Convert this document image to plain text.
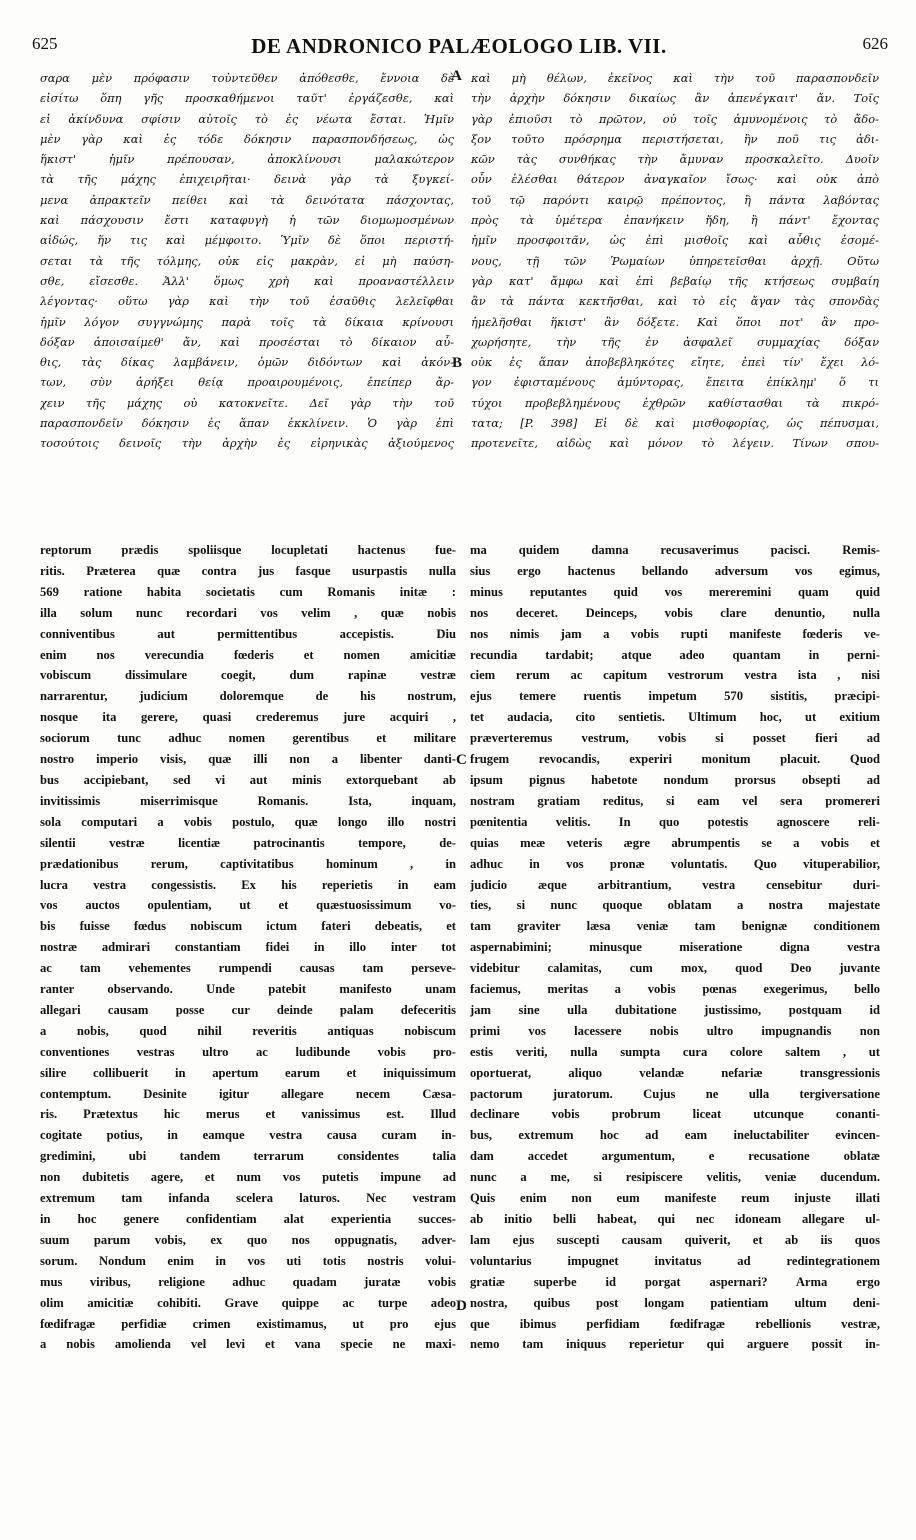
625	DE ANDRONICO PALÆOLOGO LIB. VII.	626
σαρα μὲν πρόφασιν τοὐντεῦθεν ἀπόθεσθε, ἔννοια δὲ
εἰσίτω ὅπη γῆς προσκαθήμενοι ταῦτ' ἐργάζεσθε, καὶ
εἰ ἀκίνδυνα σφίσιν αὐτοῖς τὸ ἐς νέωτα ἔσται. Ἡμῖν
μὲν γὰρ καὶ ἐς τόδε δόκησιν παρασπονδήσεως, ὡς
ἥκιστ' ἡμῖν πρέπουσαν, ἀποκλίνουσι μαλακώτερον
τὰ τῆς μάχης ἐπιχειρῆται· δεινὰ γὰρ τὰ ξυγκεί-
μενα ἀπρακτεῖν πείθει καὶ τὰ δεινότατα πάσχοντας,
καὶ πάσχουσιν ἔστι καταφυγὴ ἡ τῶν διομωμοσμένων
αἰδώς, ἥν τις καὶ μέμφοιτο. Ὑμῖν δὲ ὅποι περιστή-
σεται τὰ τῆς τόλμης, οὐκ εἰς μακρὰν, εἰ μὴ παύση-
σθε, εἴσεσθε. Ἀλλ' ὅμως χρὴ καὶ προαναστέλλειν
λέγοντας· οὕτω γὰρ καὶ τὴν τοῦ ἐσαῦθις λελεῖφθαι
ἡμῖν λόγον συγγνώμης παρὰ τοῖς τὰ δίκαια κρίνουσι
δόξαν ἀποισαίμεθ' ἄν, καὶ προσέσται τὸ δίκαιον αὖ-
θις, τὰς δίκας λαμβάνειν, ὁμῶν διδόντων καὶ ἀκόν-
των, σὺν ἀρήξει θείᾳ προαιρουμένοις, ἐπείπερ ἄρ-
χειν τῆς μάχης οὐ κατοκνεῖτε. Δεῖ γὰρ τὴν τοῦ
παρασπονδεῖν δόκησιν ἐς ἅπαν ἐκκλίνειν. Ὁ γὰρ ἐπὶ
τοσούτοις δεινοῖς τὴν ἀρχὴν ἐς εἰρηνικὰς ἀξιούμενος
καὶ μὴ θέλων, ἐκεῖνος καὶ τὴν τοῦ παρασπονδεῖν
τὴν ἀρχὴν δόκησιν δικαίως ἂν ἀπενέγκαιτ' ἄν. Τοῖς
γὰρ ἐπιοῦσι τὸ πρῶτον, οὐ τοῖς ἀμυνομένοις τὸ ἄδο-
ξον τοῦτο πρόσρημα περιστήσεται, ἣν ποῦ τις ἀδι-
κῶν τὰς συνθήκας τὴν ἄμυναν προσκαλεῖτο. Δυοῖν
οὖν ἑλέσθαι θάτερον ἀναγκαῖον ἴσως· καὶ οὐκ ἀπὸ
τοῦ τῷ παρόντι καιρῷ πρέποντος, ἢ πάντα λαβόντας
πρὸς τὰ ὑμέτερα ἐπανήκειν ἤδη, ἢ πάντ' ἔχοντας
ἡμῖν προσφοιτᾶν, ὡς ἐπὶ μισθοῖς καὶ αὖθις ἐσομέ-
νους, τῇ τῶν Ῥωμαίων ὑπηρετεῖσθαι ἀρχῇ. Οὕτω
γὰρ κατ' ἄμφω καὶ ἐπὶ βεβαίῳ τῆς κτήσεως συμβαίη
ἂν τὰ πάντα κεκτῆσθαι, καὶ τὸ εἰς ἄγαν τὰς σπονδὰς
ἠμελῆσθαι ἥκιστ' ἂν δόξετε. Καὶ ὅποι ποτ' ἂν προ-
χωρήσητε, τὴν τῆς ἐν ἀσφαλεῖ συμμαχίας δόξαν
οὐκ ἐς ἅπαν ἀποβεβληκότες εἴητε, ἐπεὶ τίν' ἔχει λό-
γον ἐφισταμένους ἀμύντορας, ἔπειτα ἐπίκλημ' ὅ τι
τύχοι προβεβλημένους ἐχθρῶν καθίστασθαι τὰ πικρό-
τατα; [P. 398] Εἰ δὲ καὶ μισθοφορίας, ὡς πέπυσμαι,
προτενεῖτε, αἰδὼς καὶ μόνον τὸ λέγειν. Τίνων σπου-
reptorum prædis spoliisque locupletati hactenus fue-
ritis. Præterea quæ contra jus fasque usurpastis nulla
569 ratione habita societatis cum Romanis initæ :
illa solum nunc recordari vos velim , quæ nobis
conniventibus aut permittentibus accepistis. Diu
enim nos verecundia fœderis et nomen amicitiæ
vobiscum dissimulare coegit, dum rapinæ vestræ
narrarentur, judicium doloremque de his nostrum,
nosque ita gerere, quasi crederemus jure acquiri ,
sociorum tunc adhuc nomen gerentibus et militare
nostro imperio visis, quæ illi non a libenter danti-
bus accipiebant, sed vi aut minis extorquebant ab
invitissimis miserrimisque Romanis. Ista, inquam,
sola computari a vobis postulo, quæ longo illo nostri
silentii vestræ licentiæ patrocinantis tempore, de-
prædationibus rerum, captivitatibus hominum , in
lucra vestra congessistis. Ex his reperietis in eam
vos auctos opulentiam, ut et quæstuosissimum vo-
bis fuisse fœdus nobiscum ictum fateri debeatis, et
nostræ admirari constantiam fidei in illo inter tot
ac tam vehementes rumpendi causas tam perseve-
ranter observando. Unde patebit manifesto unam
allegari causam posse cur deinde palam defeceritis
a nobis, quod nihil reveritis antiquas nobiscum
conventiones vestras ultro ac ludibunde vobis pro-
silire collibuerit in apertum earum et iniquissimum
contemptum. Desinite igitur allegare necem Cæsa-
ris. Prætextus hic merus et vanissimus est. Illud
cogitate potius, in eamque vestra causa curam in-
gredimini, ubi tandem terrarum considentes talia
non dubitetis agere, et num vos putetis impune ad
extremum tam infanda scelera laturos. Nec vestram
in hoc genere confidentiam alat experientia succes-
suum parum vobis, ex quo nos oppugnatis, adver-
sorum. Nondum enim in vos uti totis nostris volui-
mus viribus, religione adhuc quadam juratæ vobis
olim amicitiæ cohibiti. Grave quippe ac turpe adeo
fœdifragæ perfidiæ crimen existimamus, ut pro ejus
a nobis amolienda vel levi et vana specie ne maxi-
ma quidem damna recusaverimus pacisci. Remis-
sius ergo hactenus bellando adversum vos egimus,
minus reputantes quid vos mereremini quam quid
nos deceret. Deinceps, vobis clare denuntio, nulla
nos nimis jam a vobis rupti manifeste fœderis ve-
recundia tardabit; atque adeo quantam in perni-
ciem rerum ac capitum vestrorum vestra ista , nisi
ejus temere ruentis impetum 570 sistitis, præcipi-
tet audacia, cito sentietis. Ultimum hoc, ut exitium
præverteremus vestrum, vobis si posset fieri ad
frugem revocandis, experiri monitum placuit. Quod
ipsum pignus habetote nondum prorsus obsepti ad
nostram gratiam reditus, si eam vel sera promereri
pœnitentia velitis. In quo potestis agnoscere reli-
quias meæ veteris ægre abrumpentis se a vobis et
adhuc in vos pronæ voluntatis. Quo vituperabilior,
judicio æque arbitrantium, vestra censebitur duri-
ties, si nunc quoque oblatam a nostra majestate
tam graviter læsa veniæ tam benignæ conditionem
aspernabimini; minusque miseratione digna vestra
videbitur calamitas, cum mox, quod Deo juvante
faciemus, meritas a vobis pœnas exegerimus, bello
jam sine ulla dubitatione justissimo, postquam id
primi vos lacessere nobis ultro impugnandis non
estis veriti, nulla sumpta cura colore saltem , ut
oportuerat, aliquo velandæ nefariæ transgressionis
pactorum juratorum. Cujus ne ulla tergiversatione
declinare vobis probrum liceat utcunque conanti-
bus, extremum hoc ad eam ineluctabiliter evincen-
dam accedet argumentum, e recusatione oblatæ
nunc a me, si resipiscere velitis, veniæ ducendum.
Quis enim non eum manifeste reum injuste illati
ab initio belli habeat, qui nec idoneam allegare ul-
lam ejus suscepti causam quiverit, et ab iis quos
voluntarius impugnet invitatus ad redintegrationem
gratiæ superbe id porgat aspernari? Arma ergo
nostra, quibus post longam patientiam ultum deni-
que ibimus perfidiam fœdifragæ rebellionis vestræ,
nemo tam iniquus reperietur qui arguere possit in-
A
B
C
D
